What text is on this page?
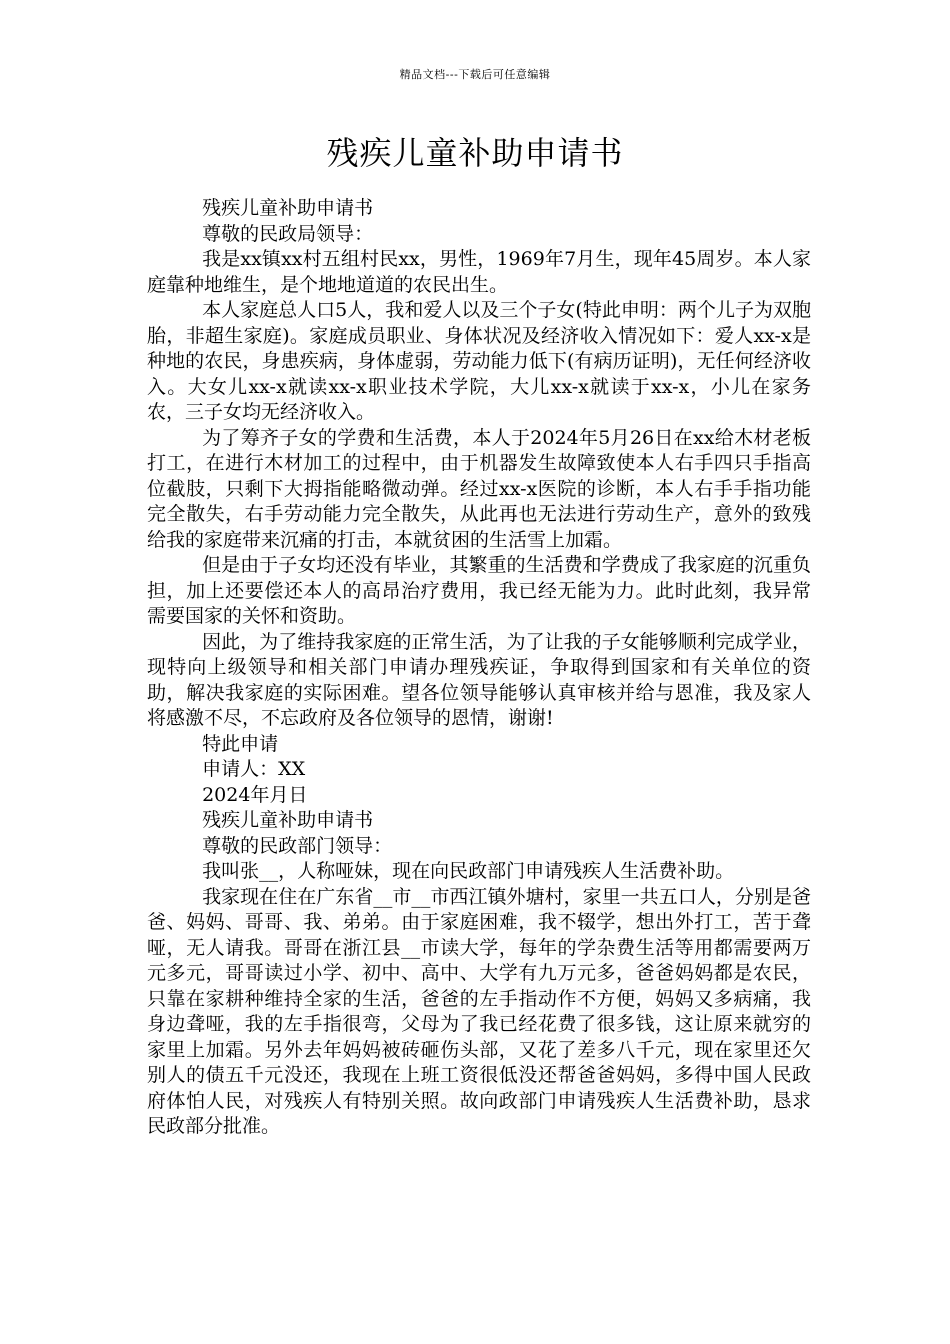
精品文档---下载后可任意编辑
残疾儿童补助申请书

残疾儿童补助申请书

尊敬的民政局领导：

我是xx镇xx村五组村民xx，男性，1969年7月生，现年45周岁。本人家庭靠种地维生，是个地地道道的农民出生。

本人家庭总人口5人，我和爱人以及三个子女(特此申明：两个儿子为双胞胎，非超生家庭)。家庭成员职业、身体状况及经济收入情况如下：爱人xx-x是种地的农民，身患疾病，身体虚弱，劳动能力低下(有病历证明)，无任何经济收入。大女儿xx-x就读xx-x职业技术学院，大儿xx-x就读于xx-x，小儿在家务农，三子女均无经济收入。

为了筹齐子女的学费和生活费，本人于2024年5月26日在xx给木材老板打工，在进行木材加工的过程中，由于机器发生故障致使本人右手四只手指高位截肢，只剩下大拇指能略微动弹。经过xx-x医院的诊断，本人右手手指功能完全散失，右手劳动能力完全散失，从此再也无法进行劳动生产，意外的致残给我的家庭带来沉痛的打击，本就贫困的生活雪上加霜。

但是由于子女均还没有毕业，其繁重的生活费和学费成了我家庭的沉重负担，加上还要偿还本人的高昂治疗费用，我已经无能为力。此时此刻，我异常需要国家的关怀和资助。

因此，为了维持我家庭的正常生活，为了让我的子女能够顺利完成学业，现特向上级领导和相关部门申请办理残疾证，争取得到国家和有关单位的资助，解决我家庭的实际困难。望各位领导能够认真审核并给与恩准，我及家人将感激不尽，不忘政府及各位领导的恩情，谢谢!

特此申请

申请人：XX

2024年月日

残疾儿童补助申请书

尊敬的民政部门领导：

我叫张__，人称哑妹，现在向民政部门申请残疾人生活费补助。

我家现在住在广东省__市__市西江镇外塘村，家里一共五口人，分别是爸爸、妈妈、哥哥、我、弟弟。由于家庭困难，我不辍学，想出外打工，苦于聋哑，无人请我。哥哥在浙江县__市读大学，每年的学杂费生活等用都需要两万元多元，哥哥读过小学、初中、高中、大学有九万元多，爸爸妈妈都是农民，只靠在家耕种维持全家的生活，爸爸的左手指动作不方便，妈妈又多病痛，我身边聋哑，我的左手指很弯，父母为了我已经花费了很多钱，这让原来就穷的家里上加霜。另外去年妈妈被砖砸伤头部，又花了差多八千元，现在家里还欠别人的债五千元没还，我现在上班工资很低没还帮爸爸妈妈，多得中国人民政府体怕人民，对残疾人有特别关照。故向政部门申请残疾人生活费补助，恳求民政部分批准。
